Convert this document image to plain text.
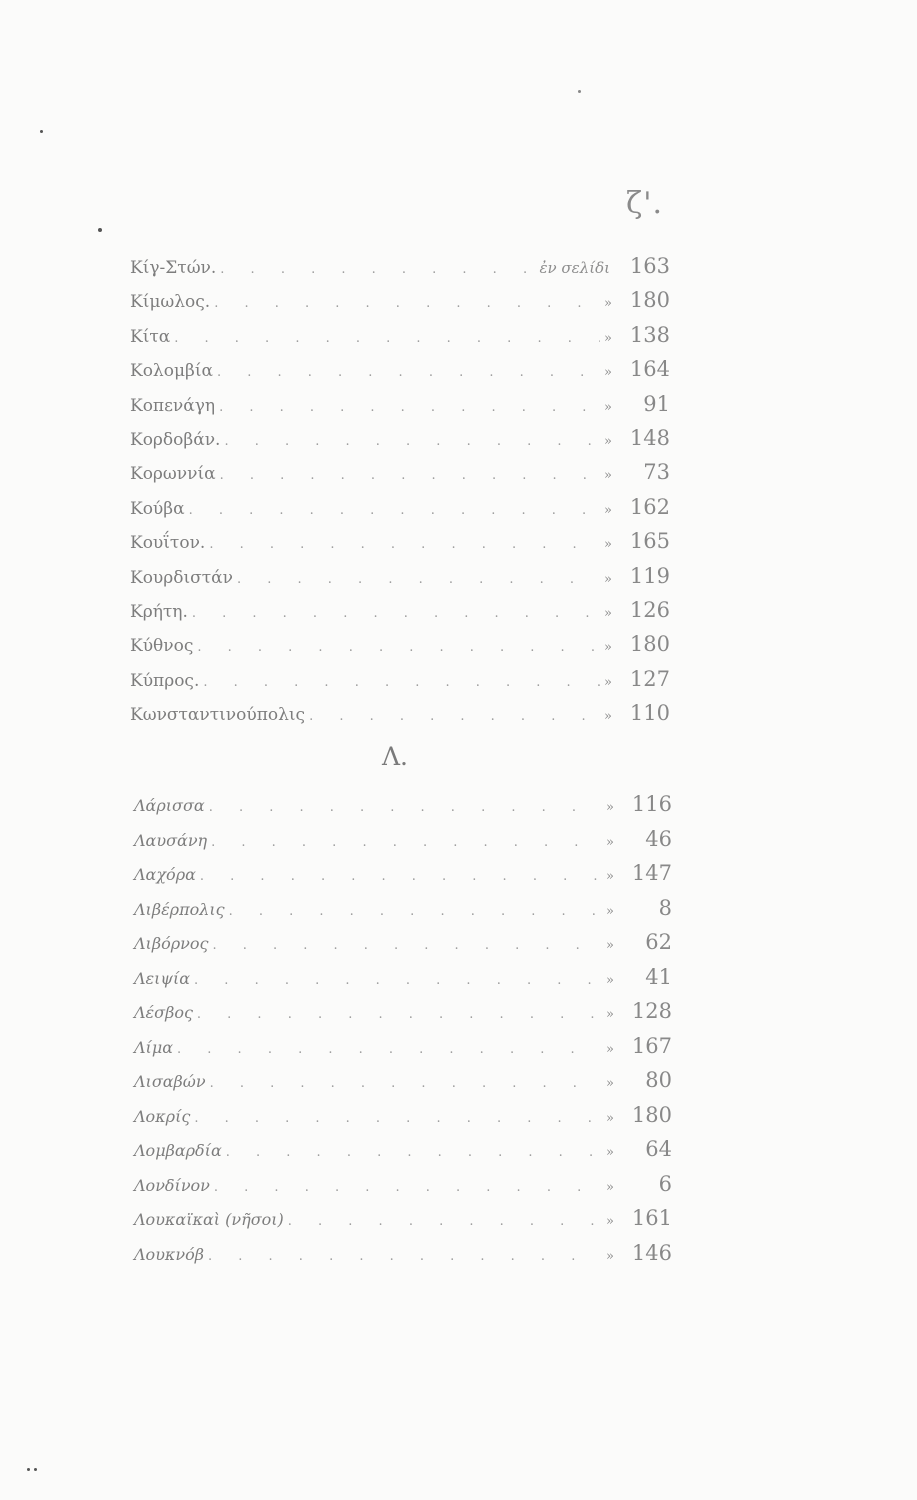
ζ'.
Κίγ-Στών. . . .	ἐν σελίδι 163
Κίμωλος. . . .	» 180
Κίτα . . .	» 138
Κολομβία . . .	» 164
Κοπενάγη . . .	»	91
Κορδοβάν. . . .	» 148
Κορωννία . . .	»	73
Κούβα . . .	» 162
Κουΐτον. . . .	» 165
Κουρδιστάν . . .	» 119
Κρήτη. . . .	» 126
Κύθνος . . .	» 180
Κύπρος. . . .	» 127
Κωνσταντινούπολις . . .	» 110
Λ.
Λάρισσα . . .	» 116
Λαυσάνη . . .	»	46
Λαχόρα . . .	» 147
Λιβέρπολις . . .	»	8
Λιβόρνος . . .	»	62
Λειψία . . .	»	41
Λέσβος . . .	» 128
Λίμα . . .	» 167
Λισαβών . . .	»	80
Λοκρίς . . .	» 180
Λομβαρδία . . .	»	64
Λονδίνον . . .	»	6
Λουκαϊκαὶ (νῆσοι) . . .	» 161
Λουκνόβ . . .	» 146
